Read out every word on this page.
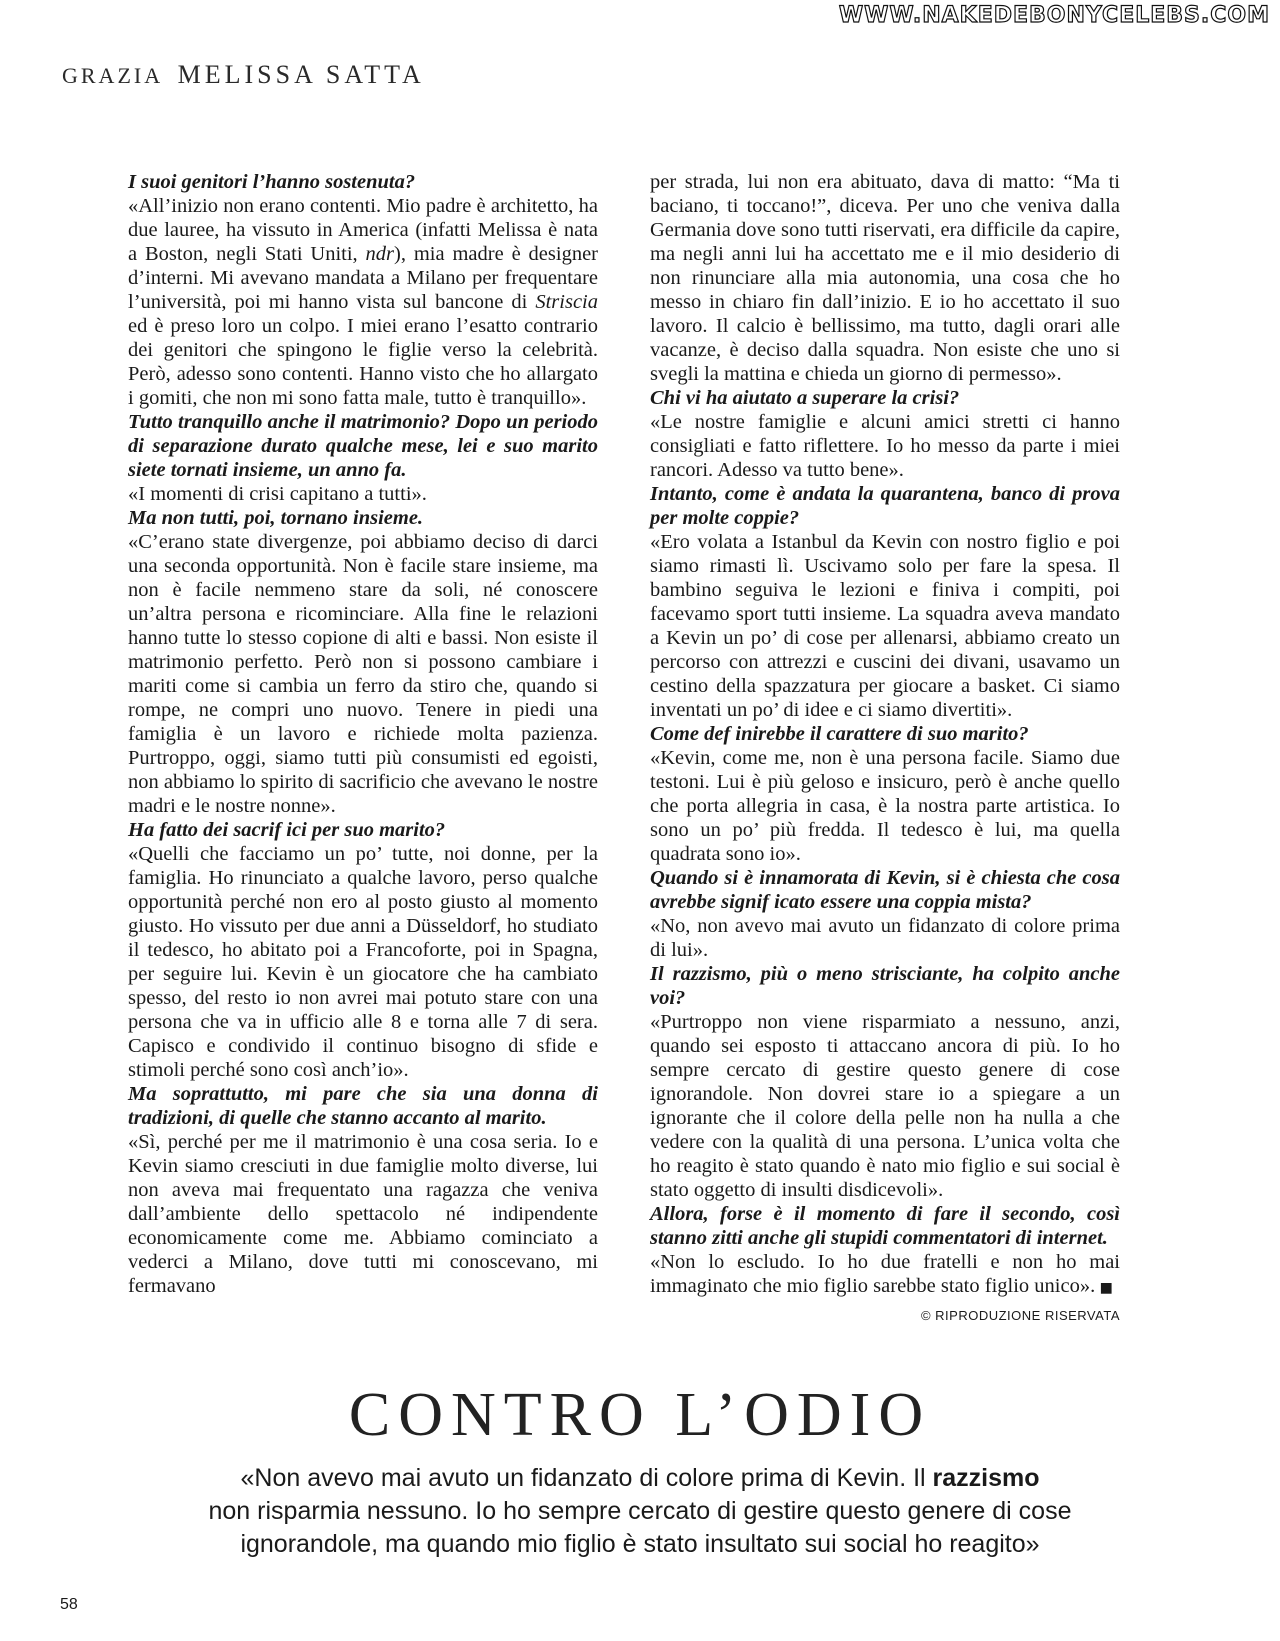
WWW.NAKEDEBONYCELEBS.COM
GRAZIA MELISSA SATTA

I suoi genitori l’hanno sostenuta?

«All’inizio non erano contenti. Mio padre è architetto, ha due lauree, ha vissuto in America (infatti Melissa è nata a Boston, negli Stati Uniti, ndr), mia madre è designer d’interni. Mi avevano mandata a Milano per frequentare l’università, poi mi hanno vista sul bancone di Striscia ed è preso loro un colpo. I miei erano l’esatto contrario dei genitori che spingono le figlie verso la celebrità. Però, adesso sono contenti. Hanno visto che ho allargato i gomiti, che non mi sono fatta male, tutto è tranquillo».

Tutto tranquillo anche il matrimonio? Dopo un periodo di separazione durato qualche mese, lei e suo marito siete tornati insieme, un anno fa.

«I momenti di crisi capitano a tutti».

Ma non tutti, poi, tornano insieme.

«C’erano state divergenze, poi abbiamo deciso di darci una seconda opportunità. Non è facile stare insieme, ma non è facile nemmeno stare da soli, né conoscere un’altra persona e ricominciare. Alla fine le relazioni hanno tutte lo stesso copione di alti e bassi. Non esiste il matrimonio perfetto. Però non si possono cambiare i mariti come si cambia un ferro da stiro che, quando si rompe, ne compri uno nuovo. Tenere in piedi una famiglia è un lavoro e richiede molta pazienza. Purtroppo, oggi, siamo tutti più consumisti ed egoisti, non abbiamo lo spirito di sacrificio che avevano le nostre madri e le nostre nonne».

Ha fatto dei sacrif ici per suo marito?

«Quelli che facciamo un po’ tutte, noi donne, per la famiglia. Ho rinunciato a qualche lavoro, perso qualche opportunità perché non ero al posto giusto al momento giusto. Ho vissuto per due anni a Düsseldorf, ho studiato il tedesco, ho abitato poi a Francoforte, poi in Spagna, per seguire lui. Kevin è un giocatore che ha cambiato spesso, del resto io non avrei mai potuto stare con una persona che va in ufficio alle 8 e torna alle 7 di sera. Capisco e condivido il continuo bisogno di sfide e stimoli perché sono così anch’io».

Ma soprattutto, mi pare che sia una donna di tradizioni, di quelle che stanno accanto al marito.

«Sì, perché per me il matrimonio è una cosa seria. Io e Kevin siamo cresciuti in due famiglie molto diverse, lui non aveva mai frequentato una ragazza che veniva dall’ambiente dello spettacolo né indipendente economicamente come me. Abbiamo cominciato a vederci a Milano, dove tutti mi conoscevano, mi fermavano

per strada, lui non era abituato, dava di matto: “Ma ti baciano, ti toccano!”, diceva. Per uno che veniva dalla Germania dove sono tutti riservati, era difficile da capire, ma negli anni lui ha accettato me e il mio desiderio di non rinunciare alla mia autonomia, una cosa che ho messo in chiaro fin dall’inizio. E io ho accettato il suo lavoro. Il calcio è bellissimo, ma tutto, dagli orari alle vacanze, è deciso dalla squadra. Non esiste che uno si svegli la mattina e chieda un giorno di permesso».

Chi vi ha aiutato a superare la crisi?

«Le nostre famiglie e alcuni amici stretti ci hanno consigliati e fatto riflettere. Io ho messo da parte i miei rancori. Adesso va tutto bene».

Intanto, come è andata la quarantena, banco di prova per molte coppie?

«Ero volata a Istanbul da Kevin con nostro figlio e poi siamo rimasti lì. Uscivamo solo per fare la spesa. Il bambino seguiva le lezioni e finiva i compiti, poi facevamo sport tutti insieme. La squadra aveva mandato a Kevin un po’ di cose per allenarsi, abbiamo creato un percorso con attrezzi e cuscini dei divani, usavamo un cestino della spazzatura per giocare a basket. Ci siamo inventati un po’ di idee e ci siamo divertiti».

Come def inirebbe il carattere di suo marito?

«Kevin, come me, non è una persona facile. Siamo due testoni. Lui è più geloso e insicuro, però è anche quello che porta allegria in casa, è la nostra parte artistica. Io sono un po’ più fredda. Il tedesco è lui, ma quella quadrata sono io».

Quando si è innamorata di Kevin, si è chiesta che cosa avrebbe signif icato essere una coppia mista?

«No, non avevo mai avuto un fidanzato di colore prima di lui».

Il razzismo, più o meno strisciante, ha colpito anche voi?

«Purtroppo non viene risparmiato a nessuno, anzi, quando sei esposto ti attaccano ancora di più. Io ho sempre cercato di gestire questo genere di cose ignorandole. Non dovrei stare io a spiegare a un ignorante che il colore della pelle non ha nulla a che vedere con la qualità di una persona. L’unica volta che ho reagito è stato quando è nato mio figlio e sui social è stato oggetto di insulti disdicevoli».

Allora, forse è il momento di fare il secondo, così stanno zitti anche gli stupidi commentatori di internet.

«Non lo escludo. Io ho due fratelli e non ho mai immaginato che mio figlio sarebbe stato figlio unico». ■

© RIPRODUZIONE RISERVATA
CONTRO L’ODIO
«Non avevo mai avuto un fidanzato di colore prima di Kevin. Il razzismo
non risparmia nessuno. Io ho sempre cercato di gestire questo genere di cose
ignorandole, ma quando mio figlio è stato insultato sui social ho reagito»
58
